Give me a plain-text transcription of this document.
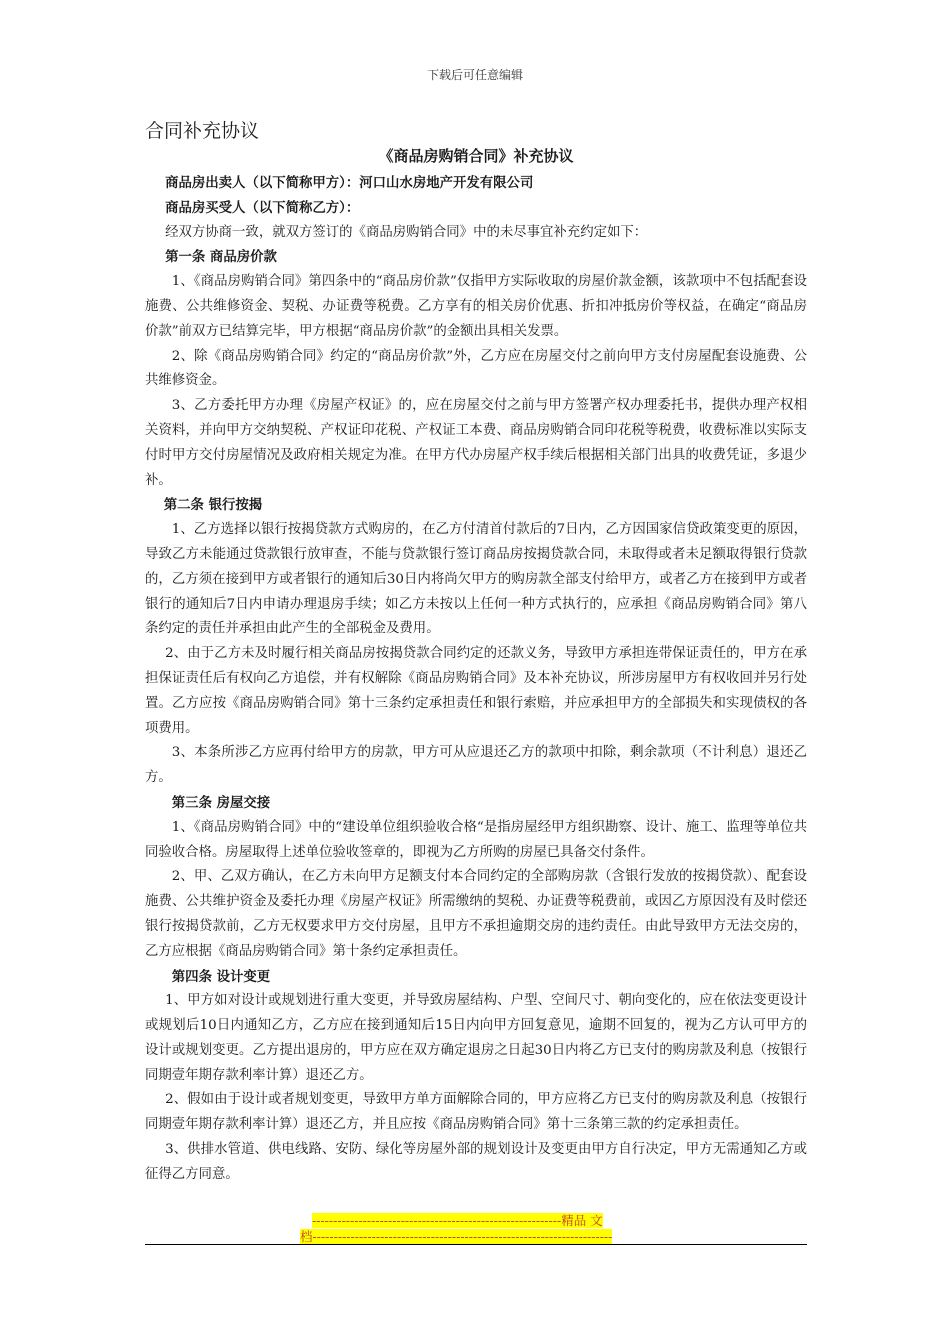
下载后可任意编辑
合同补充协议
《商品房购销合同》补充协议

商品房出卖人（以下简称甲方）：河口山水房地产开发有限公司

商品房买受人（以下简称乙方）：

经双方协商一致，就双方签订的《商品房购销合同》中的未尽事宜补充约定如下：

第一条 商品房价款

1、《商品房购销合同》第四条中的“商品房价款”仅指甲方实际收取的房屋价款金额，该款项中不包括配套设施费、公共维修资金、契税、办证费等税费。乙方享有的相关房价优惠、折扣冲抵房价等权益，在确定“商品房价款”前双方已结算完毕，甲方根据“商品房价款”的金额出具相关发票。

2、除《商品房购销合同》约定的“商品房价款”外，乙方应在房屋交付之前向甲方支付房屋配套设施费、公共维修资金。

3、乙方委托甲方办理《房屋产权证》的，应在房屋交付之前与甲方签署产权办理委托书，提供办理产权相关资料，并向甲方交纳契税、产权证印花税、产权证工本费、商品房购销合同印花税等税费，收费标准以实际支付时甲方交付房屋情况及政府相关规定为准。在甲方代办房屋产权手续后根据相关部门出具的收费凭证，多退少补。

第二条 银行按揭

1、乙方选择以银行按揭贷款方式购房的，在乙方付清首付款后的7日内，乙方因国家信贷政策变更的原因，导致乙方未能通过贷款银行放审查，不能与贷款银行签订商品房按揭贷款合同，未取得或者未足额取得银行贷款的，乙方须在接到甲方或者银行的通知后30日内将尚欠甲方的购房款全部支付给甲方，或者乙方在接到甲方或者银行的通知后7日内申请办理退房手续；如乙方未按以上任何一种方式执行的，应承担《商品房购销合同》第八条约定的责任并承担由此产生的全部税金及费用。

2、由于乙方未及时履行相关商品房按揭贷款合同约定的还款义务，导致甲方承担连带保证责任的，甲方在承担保证责任后有权向乙方追偿，并有权解除《商品房购销合同》及本补充协议，所涉房屋甲方有权收回并另行处置。乙方应按《商品房购销合同》第十三条约定承担责任和银行索赔，并应承担甲方的全部损失和实现债权的各项费用。

3、本条所涉乙方应再付给甲方的房款，甲方可从应退还乙方的款项中扣除，剩余款项（不计利息）退还乙方。

第三条 房屋交接

1、《商品房购销合同》中的“建设单位组织验收合格“是指房屋经甲方组织勘察、设计、施工、监理等单位共同验收合格。房屋取得上述单位验收签章的，即视为乙方所购的房屋已具备交付条件。

2、甲、乙双方确认，在乙方未向甲方足额支付本合同约定的全部购房款（含银行发放的按揭贷款）、配套设施费、公共维护资金及委托办理《房屋产权证》所需缴纳的契税、办证费等税费前，或因乙方原因没有及时偿还银行按揭贷款前，乙方无权要求甲方交付房屋，且甲方不承担逾期交房的违约责任。由此导致甲方无法交房的，乙方应根据《商品房购销合同》第十条约定承担责任。

第四条 设计变更

1、甲方如对设计或规划进行重大变更，并导致房屋结构、户型、空间尺寸、朝向变化的，应在依法变更设计或规划后10日内通知乙方，乙方应在接到通知后15日内向甲方回复意见，逾期不回复的，视为乙方认可甲方的设计或规划变更。乙方提出退房的，甲方应在双方确定退房之日起30日内将乙方已支付的购房款及利息（按银行同期壹年期存款利率计算）退还乙方。

2、假如由于设计或者规划变更，导致甲方单方面解除合同的，甲方应将乙方已支付的购房款及利息（按银行同期壹年期存款利率计算）退还乙方，并且应按《商品房购销合同》第十三条第三款的约定承担责任。

3、供排水管道、供电线路、安防、绿化等房屋外部的规划设计及变更由甲方自行决定，甲方无需通知乙方或征得乙方同意。

-----------------------------------------------------------精品 文
档-----------------------------------------------------------------------
